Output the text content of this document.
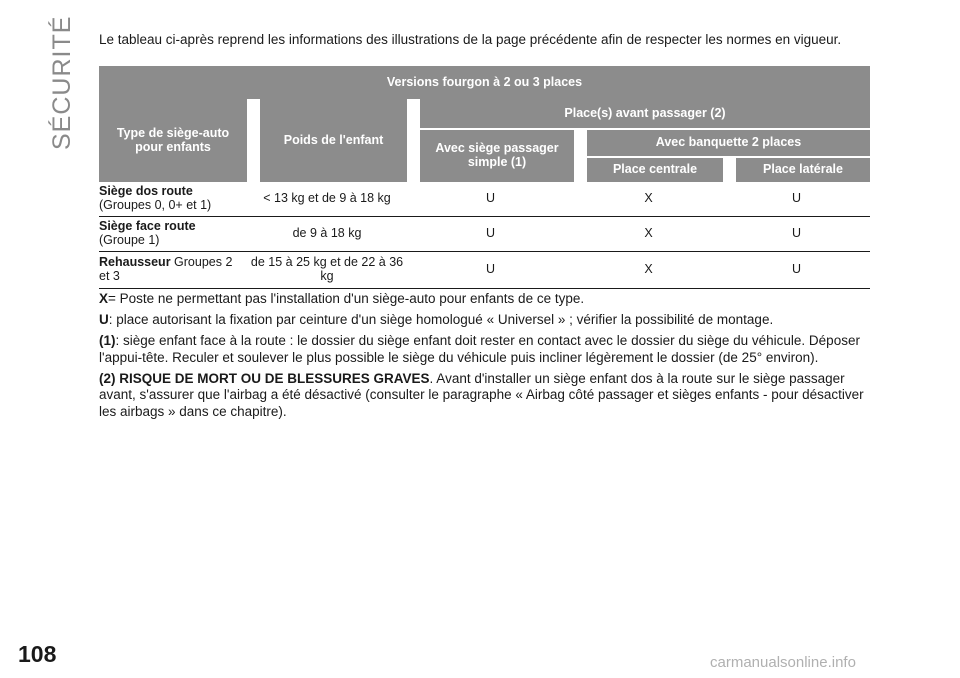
SÉCURITÉ
108	carmanualsonline.info

Le tableau ci-après reprend les informations des illustrations de la page précédente afin de respecter les normes en vigueur.

Versions fourgon à 2 ou 3 places				
Type de siège-auto pour enfants	Poids de l'enfant	Place(s) avant passager (2)		
		Avec siège passager simple (1)	Avec banquette 2 places	
			Place centrale	Place latérale
Siège dos route
(Groupes 0, 0+ et 1)	< 13 kg et de 9 à 18 kg	U	X	U
Siège face route
(Groupe 1)	de 9 à 18 kg	U	X	U
Rehausseur Groupes 2 et 3	de 15 à 25 kg et de 22 à 36 kg	U	X	U

X= Poste ne permettant pas l'installation d'un siège-auto pour enfants de ce type.

U: place autorisant la fixation par ceinture d'un siège homologué « Universel » ; vérifier la possibilité de montage.

(1): siège enfant face à la route : le dossier du siège enfant doit rester en contact avec le dossier du siège du véhicule. Déposer l'appui-tête. Reculer et soulever le plus possible le siège du véhicule puis incliner légèrement le dossier (de 25° environ).

(2) RISQUE DE MORT OU DE BLESSURES GRAVES. Avant d'installer un siège enfant dos à la route sur le siège passager avant, s'assurer que l'airbag a été désactivé (consulter le paragraphe « Airbag côté passager et sièges enfants - pour désactiver les airbags » dans ce chapitre).
